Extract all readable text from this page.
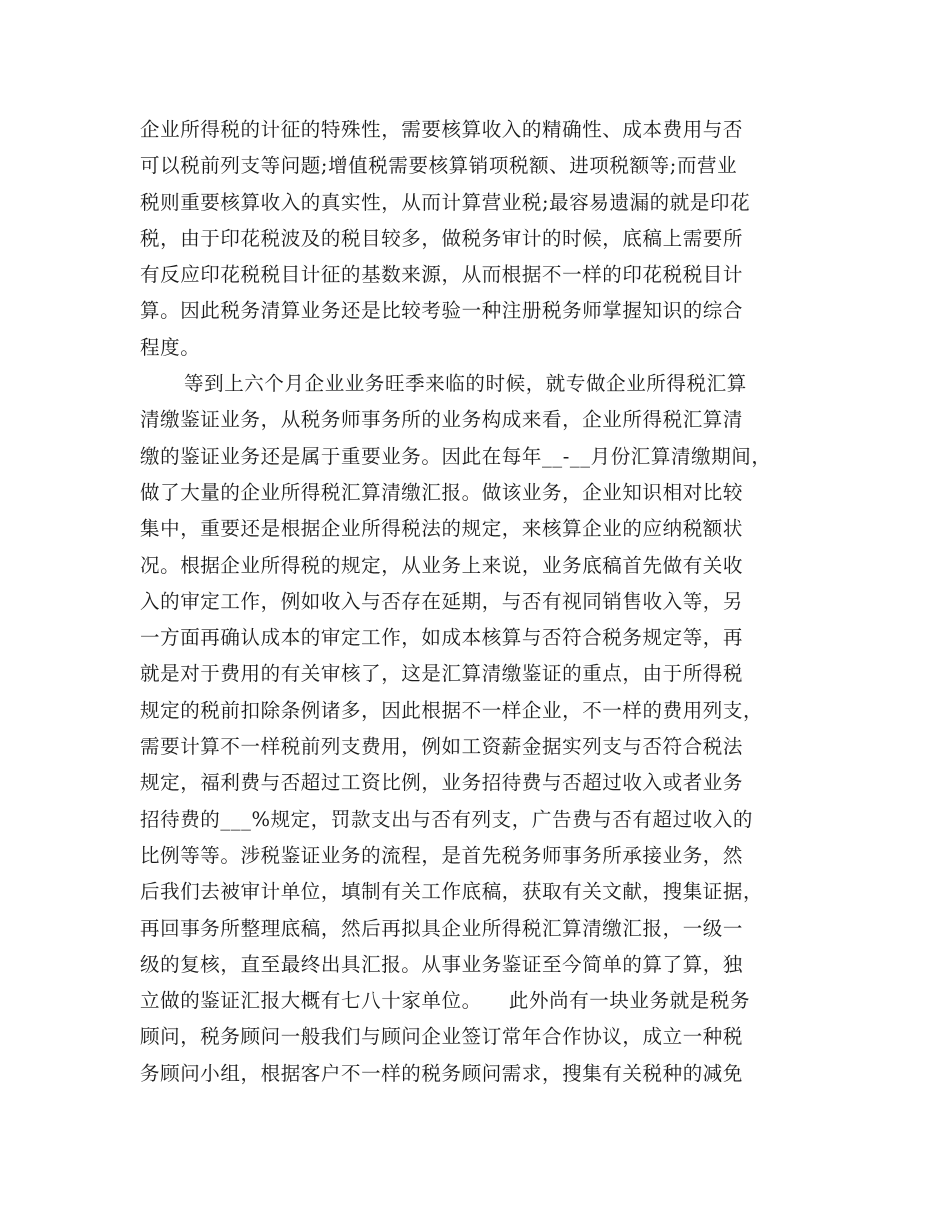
企业所得税的计征的特殊性，需要核算收入的精确性、成本费用与否
可以税前列支等问题;增值税需要核算销项税额、进项税额等;而营业
税则重要核算收入的真实性，从而计算营业税;最容易遗漏的就是印花
税，由于印花税波及的税目较多，做税务审计的时候，底稿上需要所
有反应印花税税目计征的基数来源，从而根据不一样的印花税税目计
算。因此税务清算业务还是比较考验一种注册税务师掌握知识的综合
程度。
等到上六个月企业业务旺季来临的时候，就专做企业所得税汇算
清缴鉴证业务，从税务师事务所的业务构成来看，企业所得税汇算清
缴的鉴证业务还是属于重要业务。因此在每年__-__月份汇算清缴期间，
做了大量的企业所得税汇算清缴汇报。做该业务，企业知识相对比较
集中，重要还是根据企业所得税法的规定，来核算企业的应纳税额状
况。根据企业所得税的规定，从业务上来说，业务底稿首先做有关收
入的审定工作，例如收入与否存在延期，与否有视同销售收入等，另
一方面再确认成本的审定工作，如成本核算与否符合税务规定等，再
就是对于费用的有关审核了，这是汇算清缴鉴证的重点，由于所得税
规定的税前扣除条例诸多，因此根据不一样企业，不一样的费用列支，
需要计算不一样税前列支费用，例如工资薪金据实列支与否符合税法
规定，福利费与否超过工资比例，业务招待费与否超过收入或者业务
招待费的___%规定，罚款支出与否有列支，广告费与否有超过收入的
比例等等。涉税鉴证业务的流程，是首先税务师事务所承接业务，然
后我们去被审计单位，填制有关工作底稿，获取有关文献，搜集证据，
再回事务所整理底稿，然后再拟具企业所得税汇算清缴汇报，一级一
级的复核，直至最终出具汇报。从事业务鉴证至今简单的算了算，独
立做的鉴证汇报大概有七八十家单位。    此外尚有一块业务就是税务
顾问，税务顾问一般我们与顾问企业签订常年合作协议，成立一种税
务顾问小组，根据客户不一样的税务顾问需求，搜集有关税种的减免
